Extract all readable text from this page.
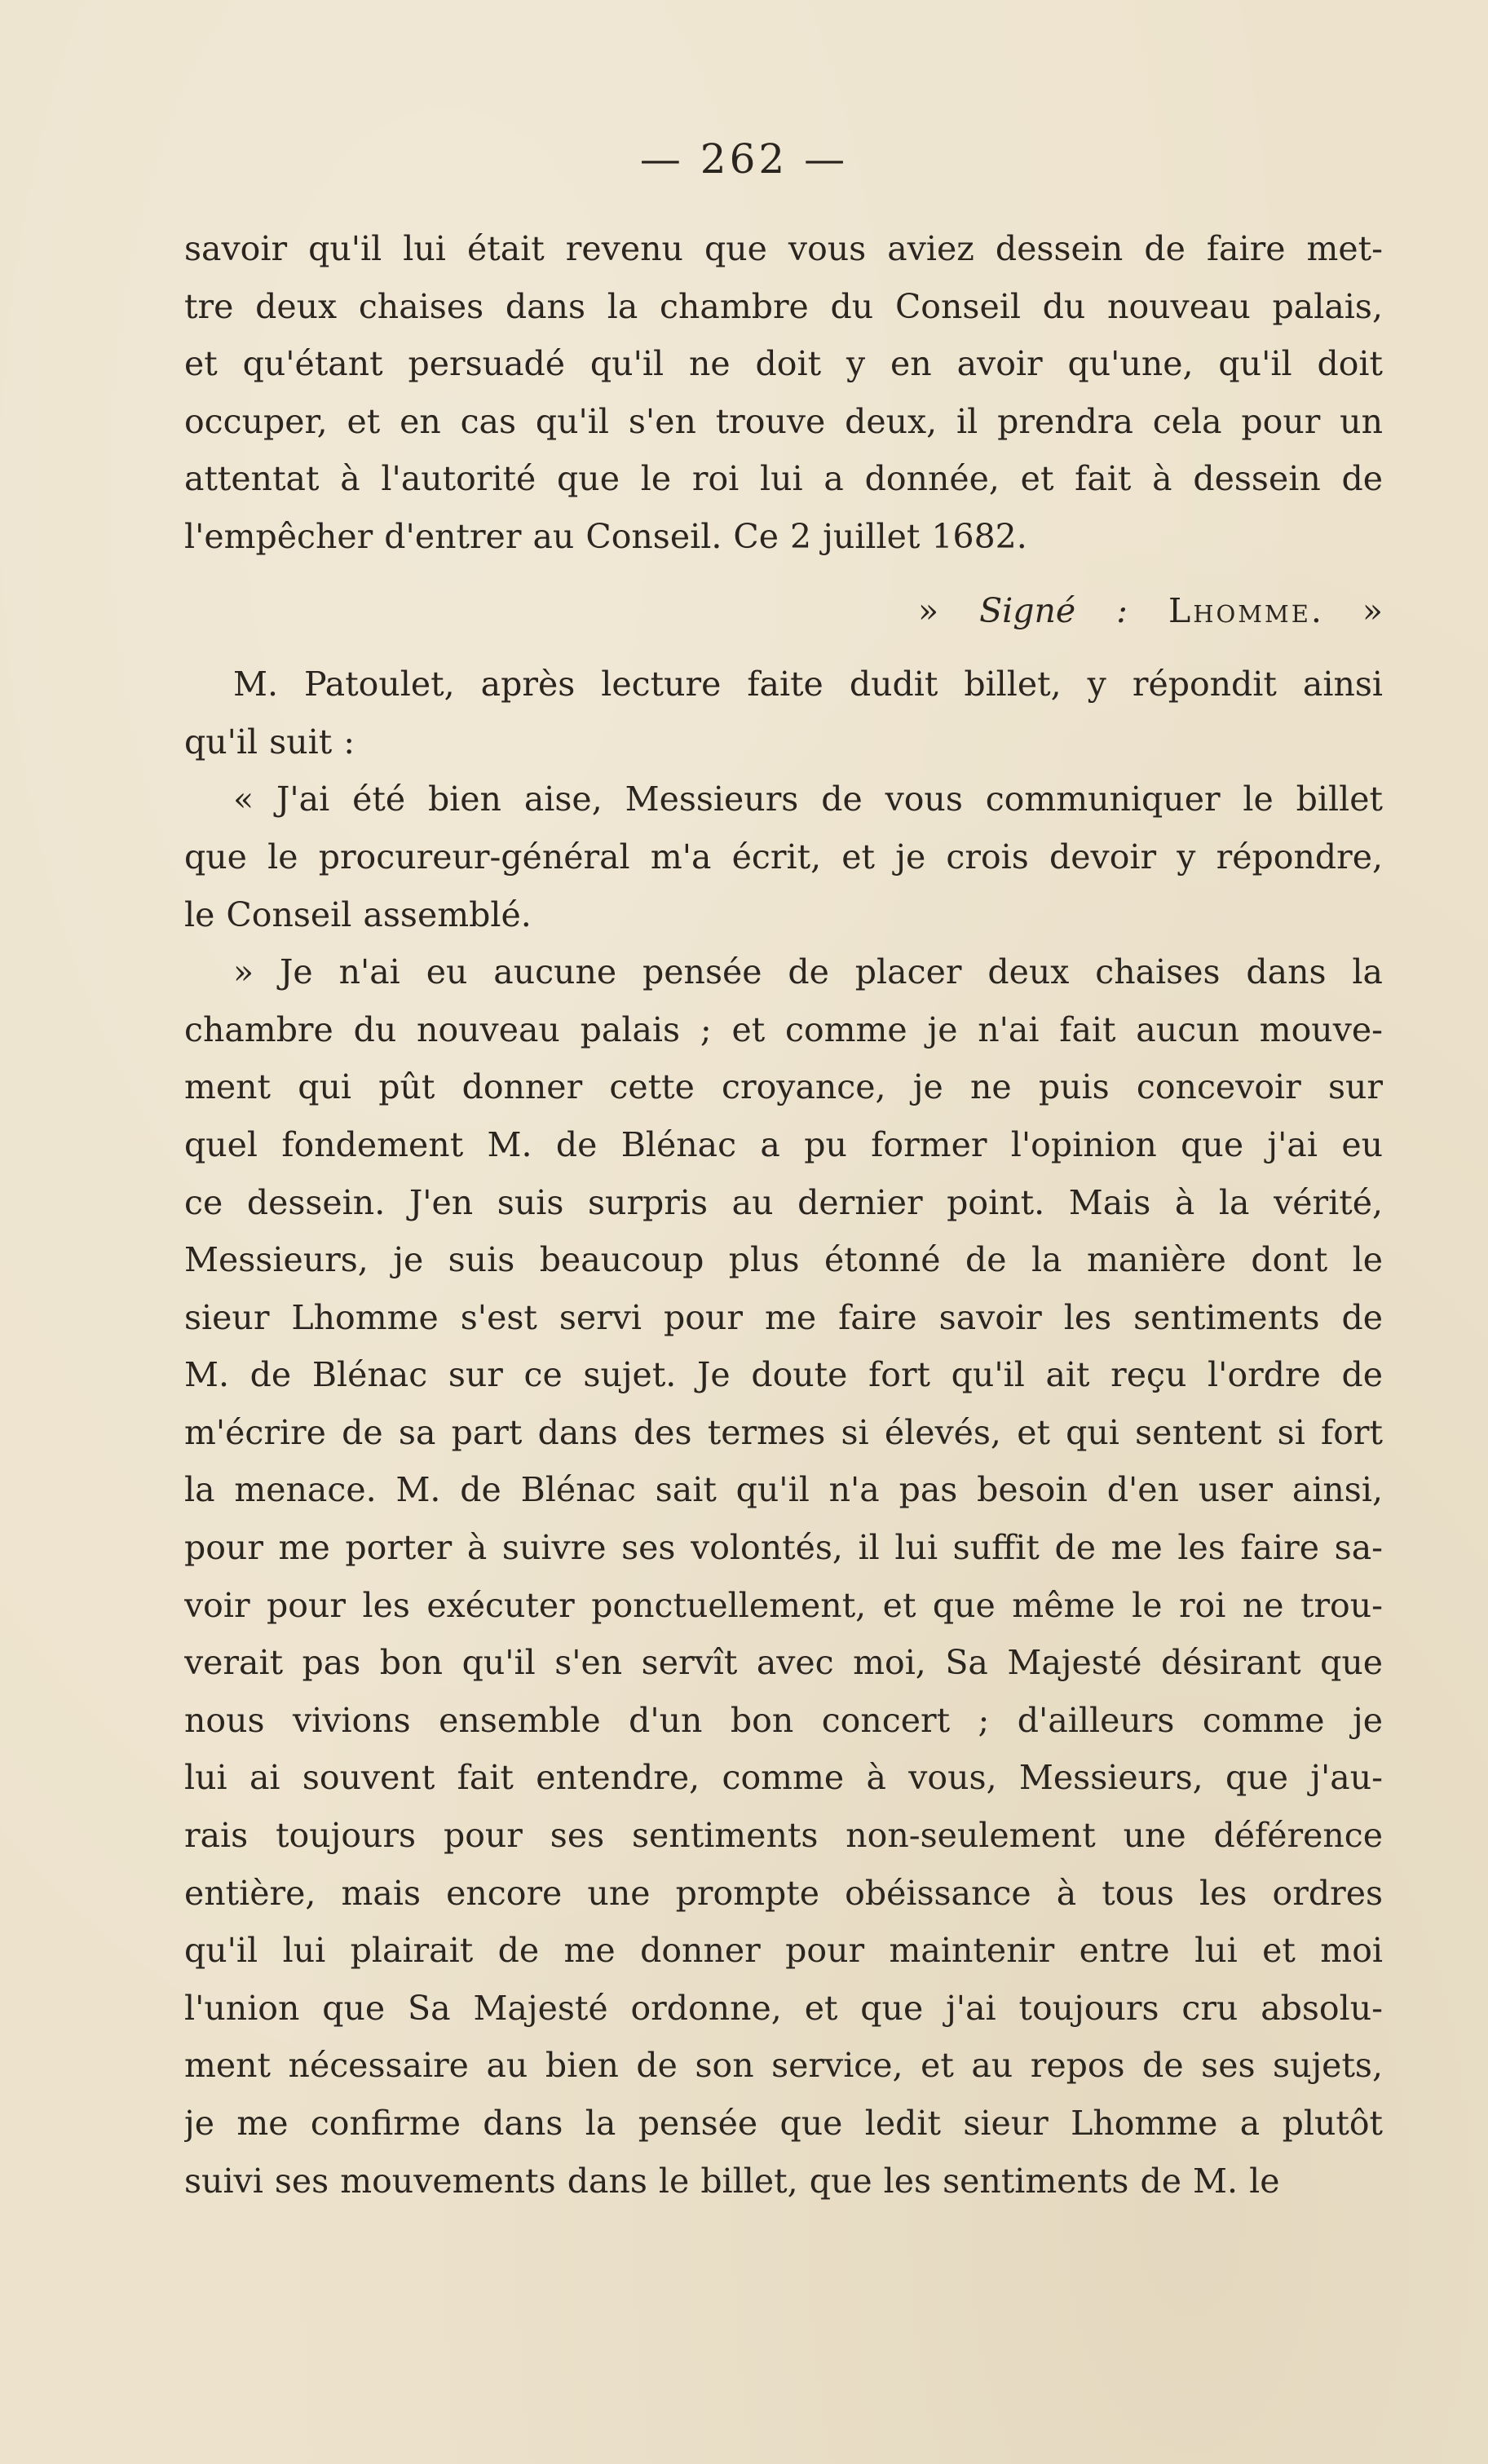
— 262 —
savoir qu'il lui était revenu que vous aviez dessein de faire met-
tre deux chaises dans la chambre du Conseil du nouveau palais,
et qu'étant persuadé qu'il ne doit y en avoir qu'une, qu'il doit
occuper, et en cas qu'il s'en trouve deux, il prendra cela pour un
attentat à l'autorité que le roi lui a donnée, et fait à dessein de
l'empêcher d'entrer au Conseil. Ce 2 juillet 1682.
» Signé : Lhomme. »
M. Patoulet, après lecture faite dudit billet, y répondit ainsi
qu'il suit :
« J'ai été bien aise, Messieurs de vous communiquer le billet
que le procureur-général m'a écrit, et je crois devoir y répondre,
le Conseil assemblé.
» Je n'ai eu aucune pensée de placer deux chaises dans la
chambre du nouveau palais ; et comme je n'ai fait aucun mouve-
ment qui pût donner cette croyance, je ne puis concevoir sur
quel fondement M. de Blénac a pu former l'opinion que j'ai eu
ce dessein. J'en suis surpris au dernier point. Mais à la vérité,
Messieurs, je suis beaucoup plus étonné de la manière dont le
sieur Lhomme s'est servi pour me faire savoir les sentiments de
M. de Blénac sur ce sujet. Je doute fort qu'il ait reçu l'ordre de
m'écrire de sa part dans des termes si élevés, et qui sentent si fort
la menace. M. de Blénac sait qu'il n'a pas besoin d'en user ainsi,
pour me porter à suivre ses volontés, il lui suffit de me les faire sa-
voir pour les exécuter ponctuellement, et que même le roi ne trou-
verait pas bon qu'il s'en servît avec moi, Sa Majesté désirant que
nous vivions ensemble d'un bon concert ; d'ailleurs comme je
lui ai souvent fait entendre, comme à vous, Messieurs, que j'au-
rais toujours pour ses sentiments non-seulement une déférence
entière, mais encore une prompte obéissance à tous les ordres
qu'il lui plairait de me donner pour maintenir entre lui et moi
l'union que Sa Majesté ordonne, et que j'ai toujours cru absolu-
ment nécessaire au bien de son service, et au repos de ses sujets,
je me confirme dans la pensée que ledit sieur Lhomme a plutôt
suivi ses mouvements dans le billet, que les sentiments de M. le
